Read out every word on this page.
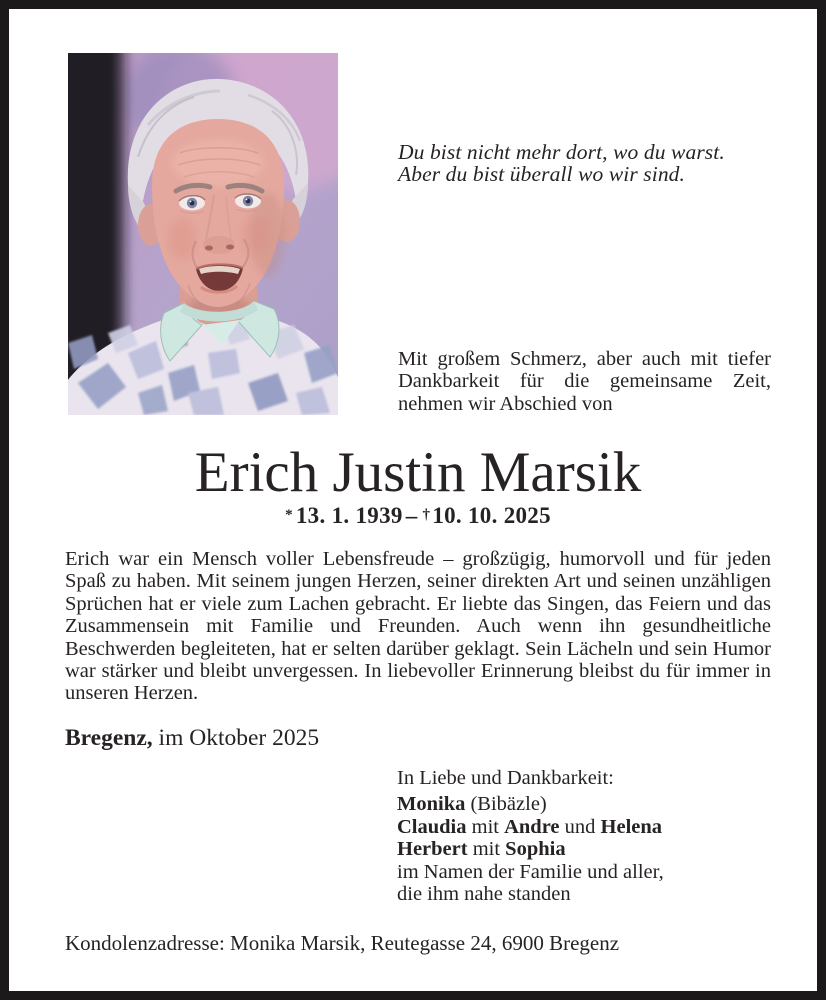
Du bist nicht mehr dort, wo du warst.
Aber du bist überall wo wir sind.
Mit großem Schmerz, aber auch mit tiefer Dankbarkeit für die gemeinsame Zeit, nehmen wir Abschied von
Erich Justin Marsik
* 13. 1. 1939 – †10. 10. 2025
Erich war ein Mensch voller Lebensfreude – großzügig, humorvoll und für jeden Spaß zu haben. Mit seinem jungen Herzen, seiner direkten Art und seinen unzähligen Sprüchen hat er viele zum Lachen gebracht. Er liebte das Singen, das Feiern und das Zusammensein mit Familie und Freunden. Auch wenn ihn gesundheitliche Beschwerden begleiteten, hat er selten darüber geklagt. Sein Lächeln und sein Humor war stärker und bleibt unvergessen. In liebevoller Erinnerung bleibst du für immer in unseren Herzen.
Bregenz, im Oktober 2025
In Liebe und Dankbarkeit:
Monika (Bibäzle)
Claudia mit Andre und Helena
Herbert mit Sophia
im Namen der Familie und aller,
die ihm nahe standen
Kondolenzadresse: Monika Marsik, Reutegasse 24, 6900 Bregenz
